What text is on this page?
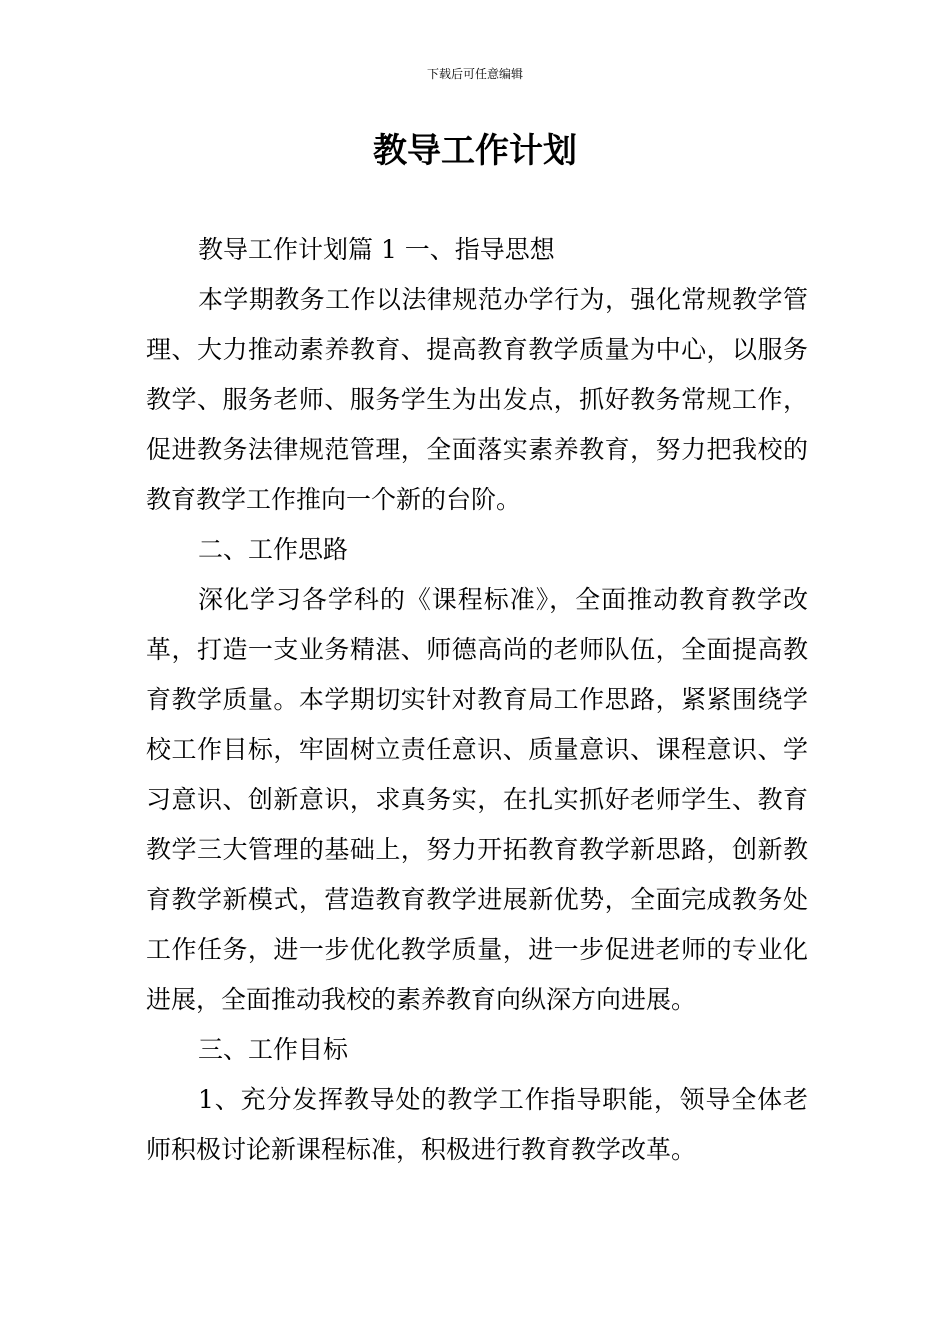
下载后可任意编辑
教导工作计划

教导工作计划篇 1 一、指导思想

本学期教务工作以法律规范办学行为，强化常规教学管理、大力推动素养教育、提高教育教学质量为中心，以服务教学、服务老师、服务学生为出发点，抓好教务常规工作，促进教务法律规范管理，全面落实素养教育，努力把我校的教育教学工作推向一个新的台阶。

二、工作思路

深化学习各学科的《课程标准》，全面推动教育教学改革，打造一支业务精湛、师德高尚的老师队伍，全面提高教育教学质量。本学期切实针对教育局工作思路，紧紧围绕学校工作目标，牢固树立责任意识、质量意识、课程意识、学习意识、创新意识，求真务实，在扎实抓好老师学生、教育教学三大管理的基础上，努力开拓教育教学新思路，创新教育教学新模式，营造教育教学进展新优势，全面完成教务处工作任务，进一步优化教学质量，进一步促进老师的专业化进展，全面推动我校的素养教育向纵深方向进展。

三、工作目标

1、充分发挥教导处的教学工作指导职能，领导全体老师积极讨论新课程标准，积极进行教育教学改革。
